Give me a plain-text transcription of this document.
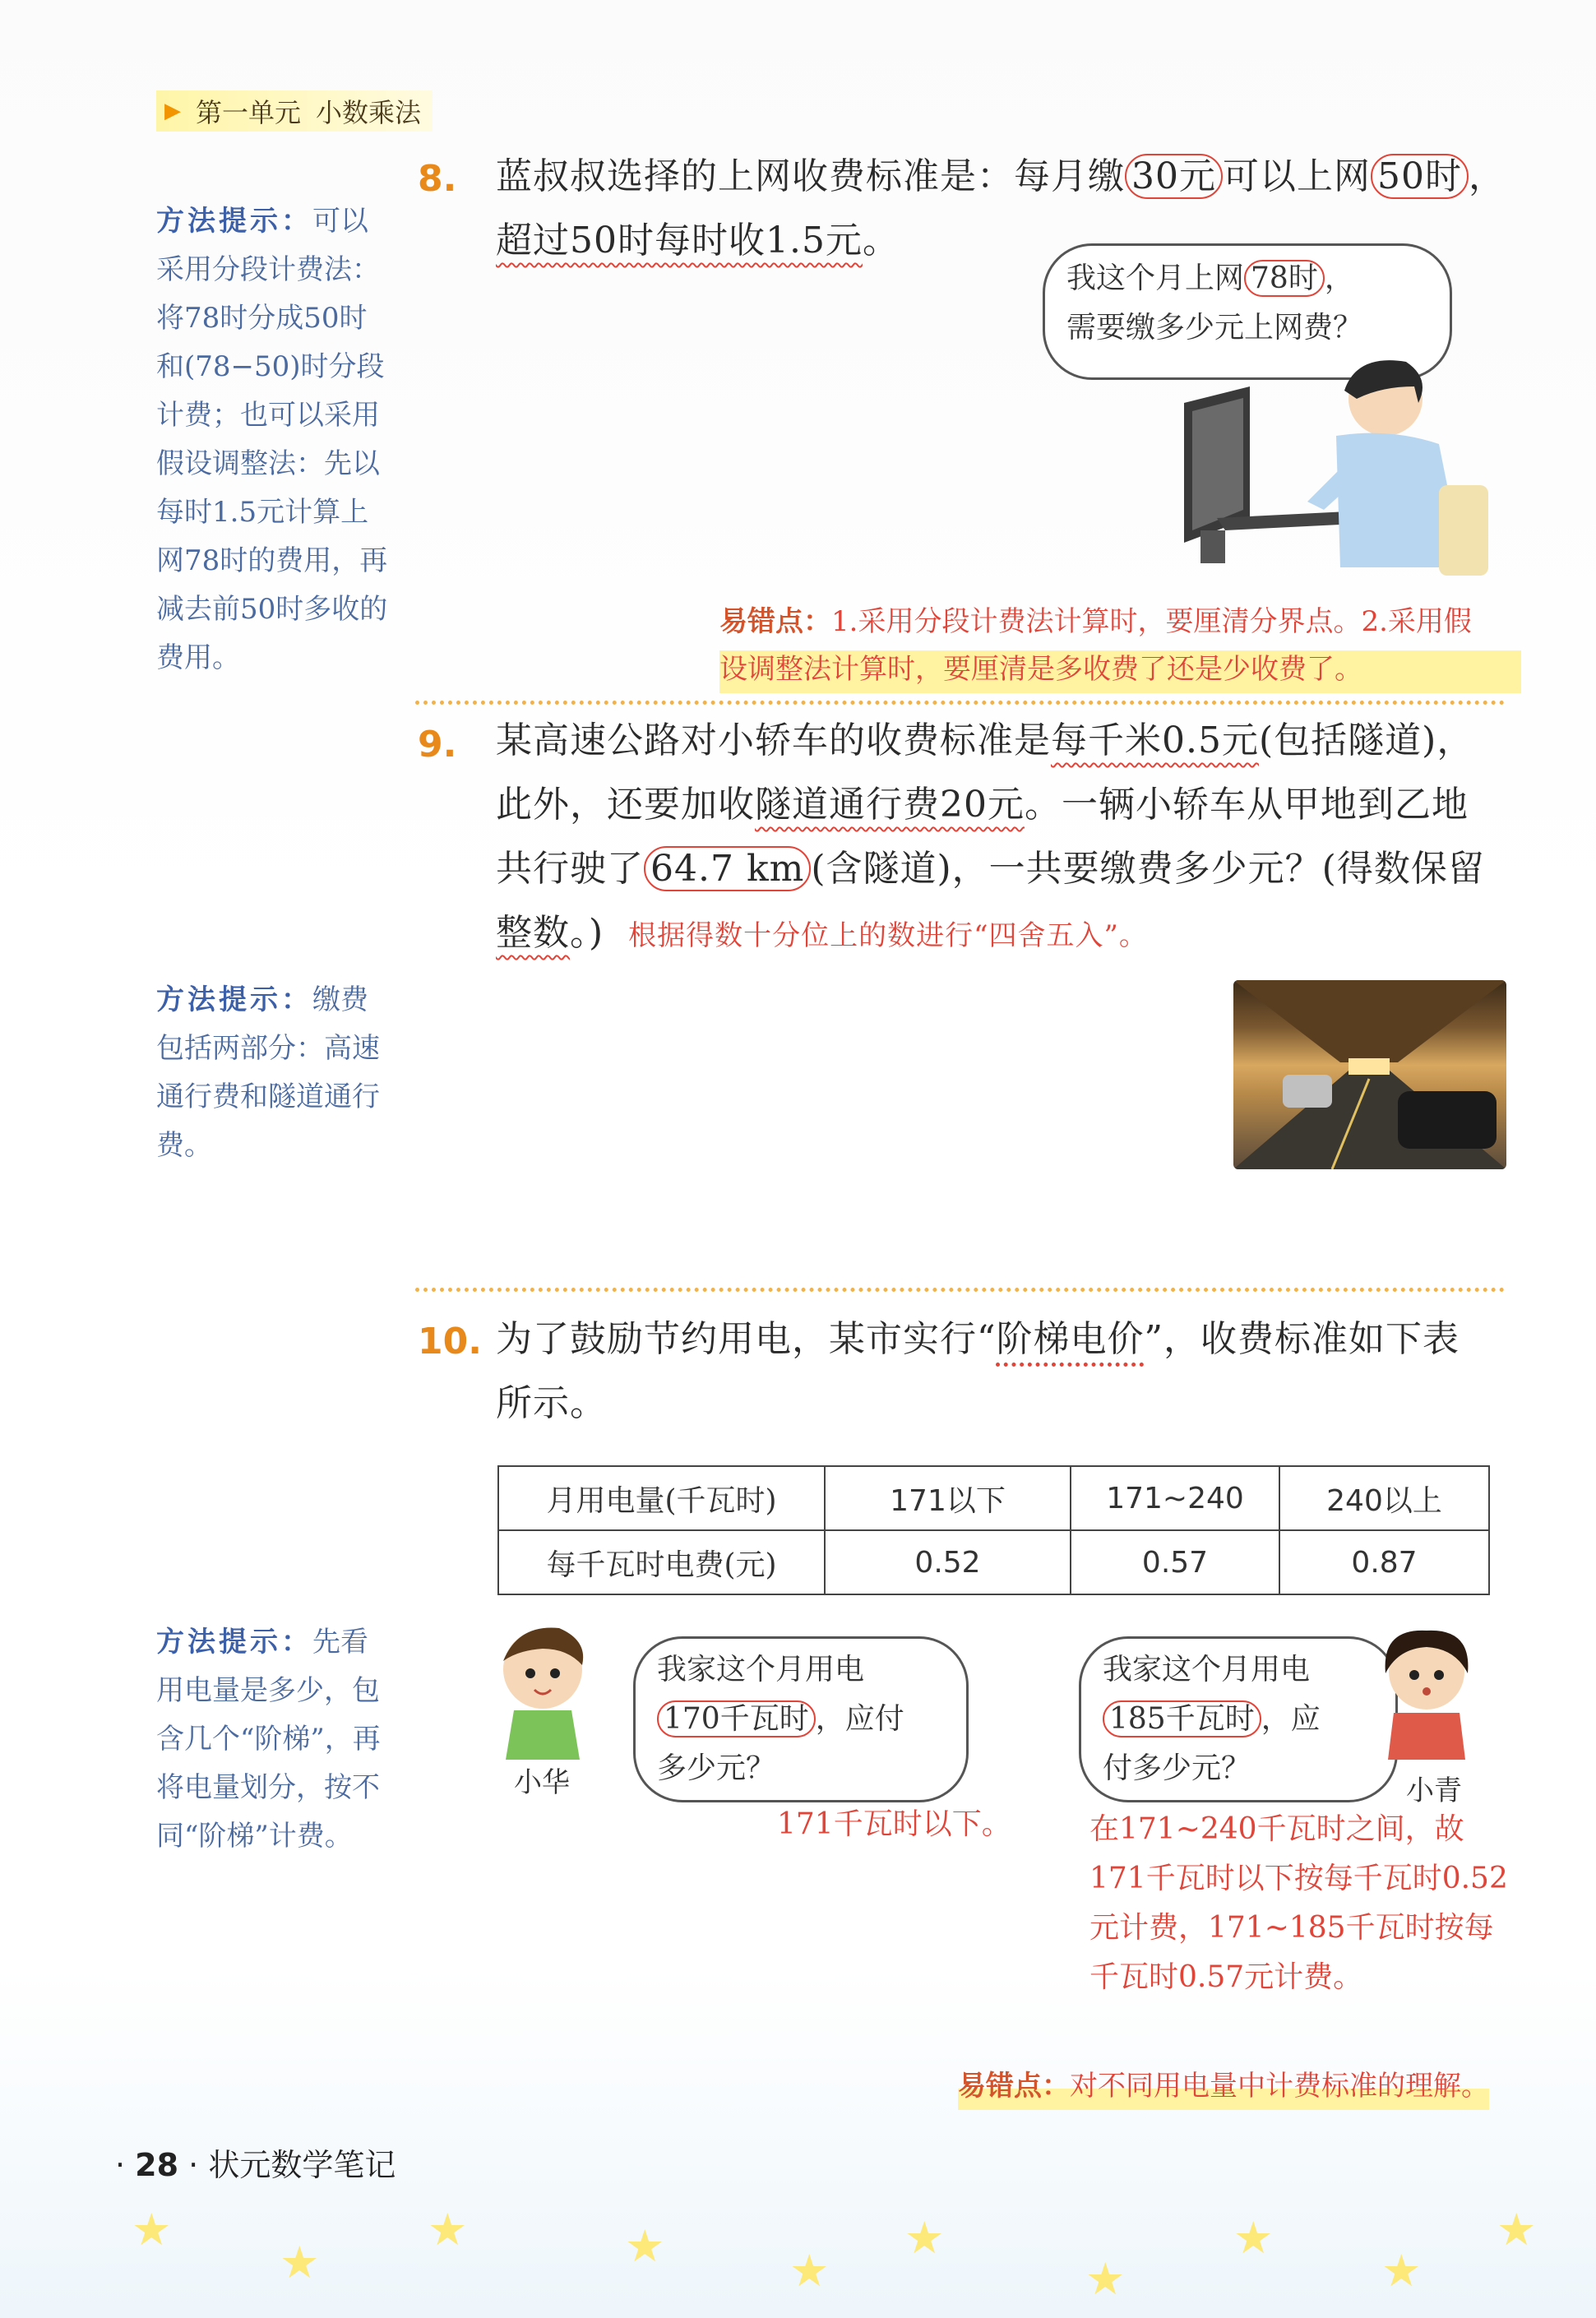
▶ 第一单元 小数乘法
8. 蓝叔叔选择的上网收费标准是：每月缴 30元 可以上网 50时 ，
超过50时每时收1.5元。
我这个月上网 78时 ，
需要缴多少元上网费？
方法提示：可以采用分段计费法：将78时分成50时和(78−50)时分段计费；也可以采用假设调整法：先以每时1.5元计算上网78时的费用，再减去前50时多收的费用。
易错点：1.采用分段计费法计算时，要厘清分界点。2.采用假
设调整法计算时，要厘清是多收费了还是少收费了。
9. 某高速公路对小轿车的收费标准是每千米0.5元(包括隧道)，
此外，还要加收隧道通行费20元。一辆小轿车从甲地到乙地
共行驶了 64.7 km (含隧道)，一共要缴费多少元？(得数保留
整数。) 根据得数十分位上的数进行“四舍五入”。
方法提示：缴费包括两部分：高速通行费和隧道通行费。
10. 为了鼓励节约用电，某市实行“阶梯电价”，收费标准如下表
所示。
月用电量(千瓦时)	171以下	171~240	240以上
每千瓦时电费(元)	0.52	0.57	0.87
方法提示：先看用电量是多少，包含几个“阶梯”，再将电量划分，按不同“阶梯”计费。
小华
我家这个月用电
170千瓦时 ，应付
多少元？
171千瓦时以下。
我家这个月用电
185千瓦时 ，应
付多少元？
小青
在171~240千瓦时之间，故171千瓦时以下按每千瓦时0.52元计费，171~185千瓦时按每千瓦时0.57元计费。
易错点：对不同用电量中计费标准的理解。
· 28 · 状元数学笔记
★
★
★	★	★
★
★
★
★
★
